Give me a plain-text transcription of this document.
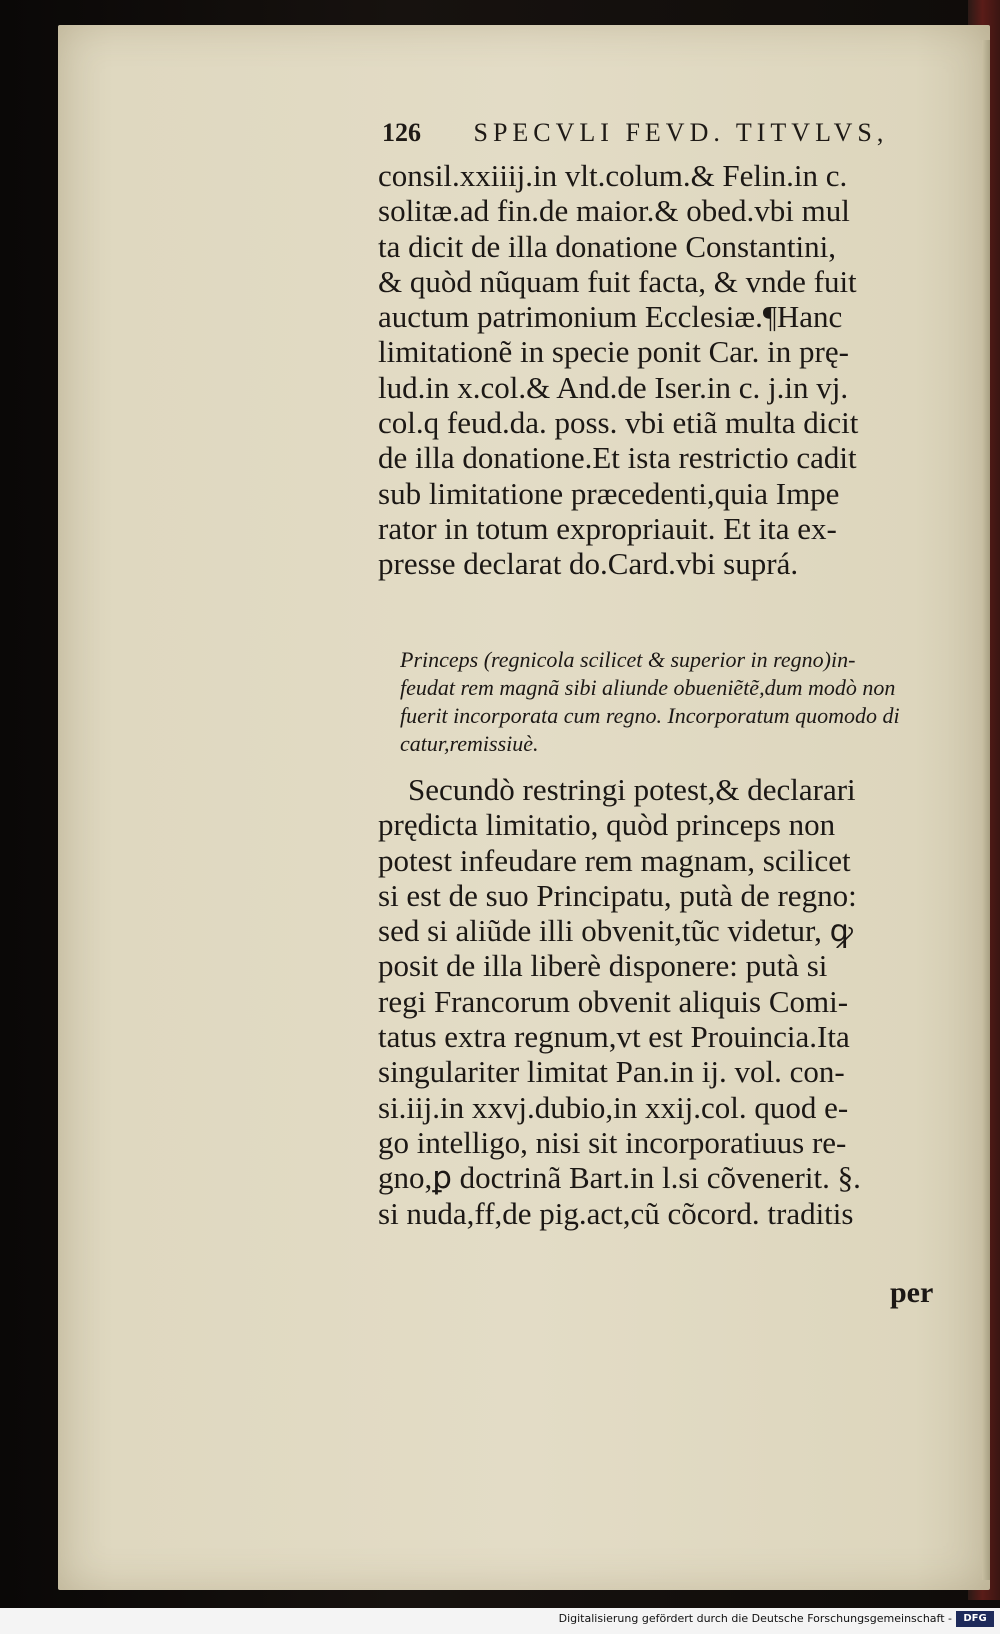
126 SPECVLI FEVD. TITVLVS,
consil.xxiiij.in vlt.colum.& Felin.in c.
solitæ.ad fin.de maior.& obed.vbi mul
ta dicit de illa donatione Constantini,
& quòd nũquam fuit facta, & vnde fuit
auctum patrimonium Ecclesiæ.¶Hanc
limitationẽ in specie ponit Car. in prę-
lud.in x.col.& And.de Iser.in c. j.in vj.
col.q feud.da. poss. vbi etiã multa dicit
de illa donatione.Et ista restrictio cadit
sub limitatione præcedenti,quia Impe
rator in totum expropriauit. Et ita ex-
presse declarat do.Card.vbi suprá.
Princeps (regnicola scilicet & superior in regno)in-
feudat rem magnã sibi aliunde obueniẽtẽ,dum modò non
fuerit incorporata cum regno. Incorporatum quomodo di
catur,remissiuè.
Secundò restringi potest,& declarari
prędicta limitatio, quòd princeps non
potest infeudare rem magnam, scilicet
si est de suo Principatu, putà de regno:
sed si aliũde illi obvenit,tũc videtur, ꝙ
posit de illa liberè disponere: putà si
regi Francorum obvenit aliquis Comi-
tatus extra regnum,vt est Prouincia.Ita
singulariter limitat Pan.in ij. vol. con-
si.iij.in xxvj.dubio,in xxij.col. quod e-
go intelligo, nisi sit incorporatiuus re-
gno,ꝑ doctrinã Bart.in l.si cõvenerit. §.
si nuda,ff,de pig.act,cũ cõcord. traditis
per
Digitalisierung gefördert durch die Deutsche Forschungsgemeinschaft -	DFG
